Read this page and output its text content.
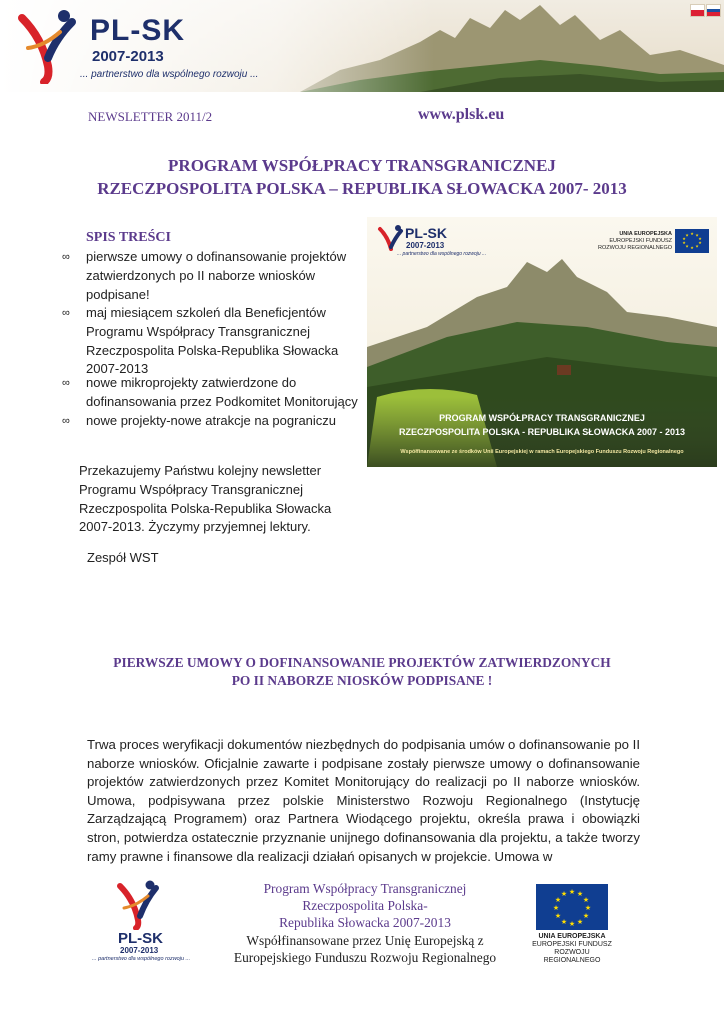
PL-SK
2007-2013
... partnerstwo dla wspólnego rozwoju ...
NEWSLETTER 2011/2	www.plsk.eu
PROGRAM WSPÓŁPRACY TRANSGRANICZNEJ
RZECZPOSPOLITA POLSKA – REPUBLIKA SŁOWACKA 2007- 2013
SPIS TREŚCI
∞	pierwsze umowy o dofinansowanie projektów zatwierdzonych po II naborze wniosków podpisane!
∞	maj miesiącem szkoleń dla Beneficjentów Programu Współpracy Transgranicznej Rzeczpospolita Polska-Republika Słowacka 2007-2013
∞	nowe mikroprojekty zatwierdzone do dofinansowania przez Podkomitet Monitorujący
∞	nowe projekty-nowe atrakcje na pograniczu
Przekazujemy Państwu kolejny newsletter Programu Współpracy Transgranicznej Rzeczpospolita Polska-Republika Słowacka 2007-2013. Życzymy przyjemnej lektury.
Zespół WST
PL-SK
2007-2013
... partnerstwo dla wspólnego rozwoju ...
UNIA EUROPEJSKA
EUROPEJSKI FUNDUSZ
ROZWOJU REGIONALNEGO
★ ★
★
★
★
★
★
★
★
★
PROGRAM WSPÓŁPRACY TRANSGRANICZNEJ
RZECZPOSPOLITA POLSKA - REPUBLIKA SŁOWACKA 2007 - 2013
Współfinansowane ze środków Unii Europejskiej w ramach Europejskiego Funduszu Rozwoju Regionalnego
PIERWSZE UMOWY O DOFINANSOWANIE PROJEKTÓW ZATWIERDZONYCH
PO II NABORZE NIOSKÓW PODPISANE !
Trwa proces weryfikacji dokumentów niezbędnych do podpisania umów o dofinansowanie po II naborze wniosków. Oficjalnie zawarte i podpisane zostały pierwsze umowy o dofinansowanie projektów zatwierdzonych przez Komitet Monitorujący do realizacji po II naborze wniosków. Umowa, podpisywana przez polskie Ministerstwo Rozwoju Regionalnego (Instytucję Zarządzającą Programem) oraz Partnera Wiodącego projektu, określa prawa i obowiązki stron, potwierdza ostatecznie przyznanie unijnego dofinansowania dla projektu, a także tworzy ramy prawne i finansowe dla realizacji działań opisanych w projekcie. Umowa w
PL-SK
2007-2013
... partnerstwo dla wspólnego rozwoju ...
Program Współpracy Transgranicznej
Rzeczpospolita Polska-
Republika Słowacka 2007-2013
Współfinansowane przez Unię Europejską z
Europejskiego Funduszu Rozwoju Regionalnego
★ ★
★
★
★
★
★
★
★
★
★
★
UNIA EUROPEJSKA
EUROPEJSKI FUNDUSZ
ROZWOJU REGIONALNEGO
